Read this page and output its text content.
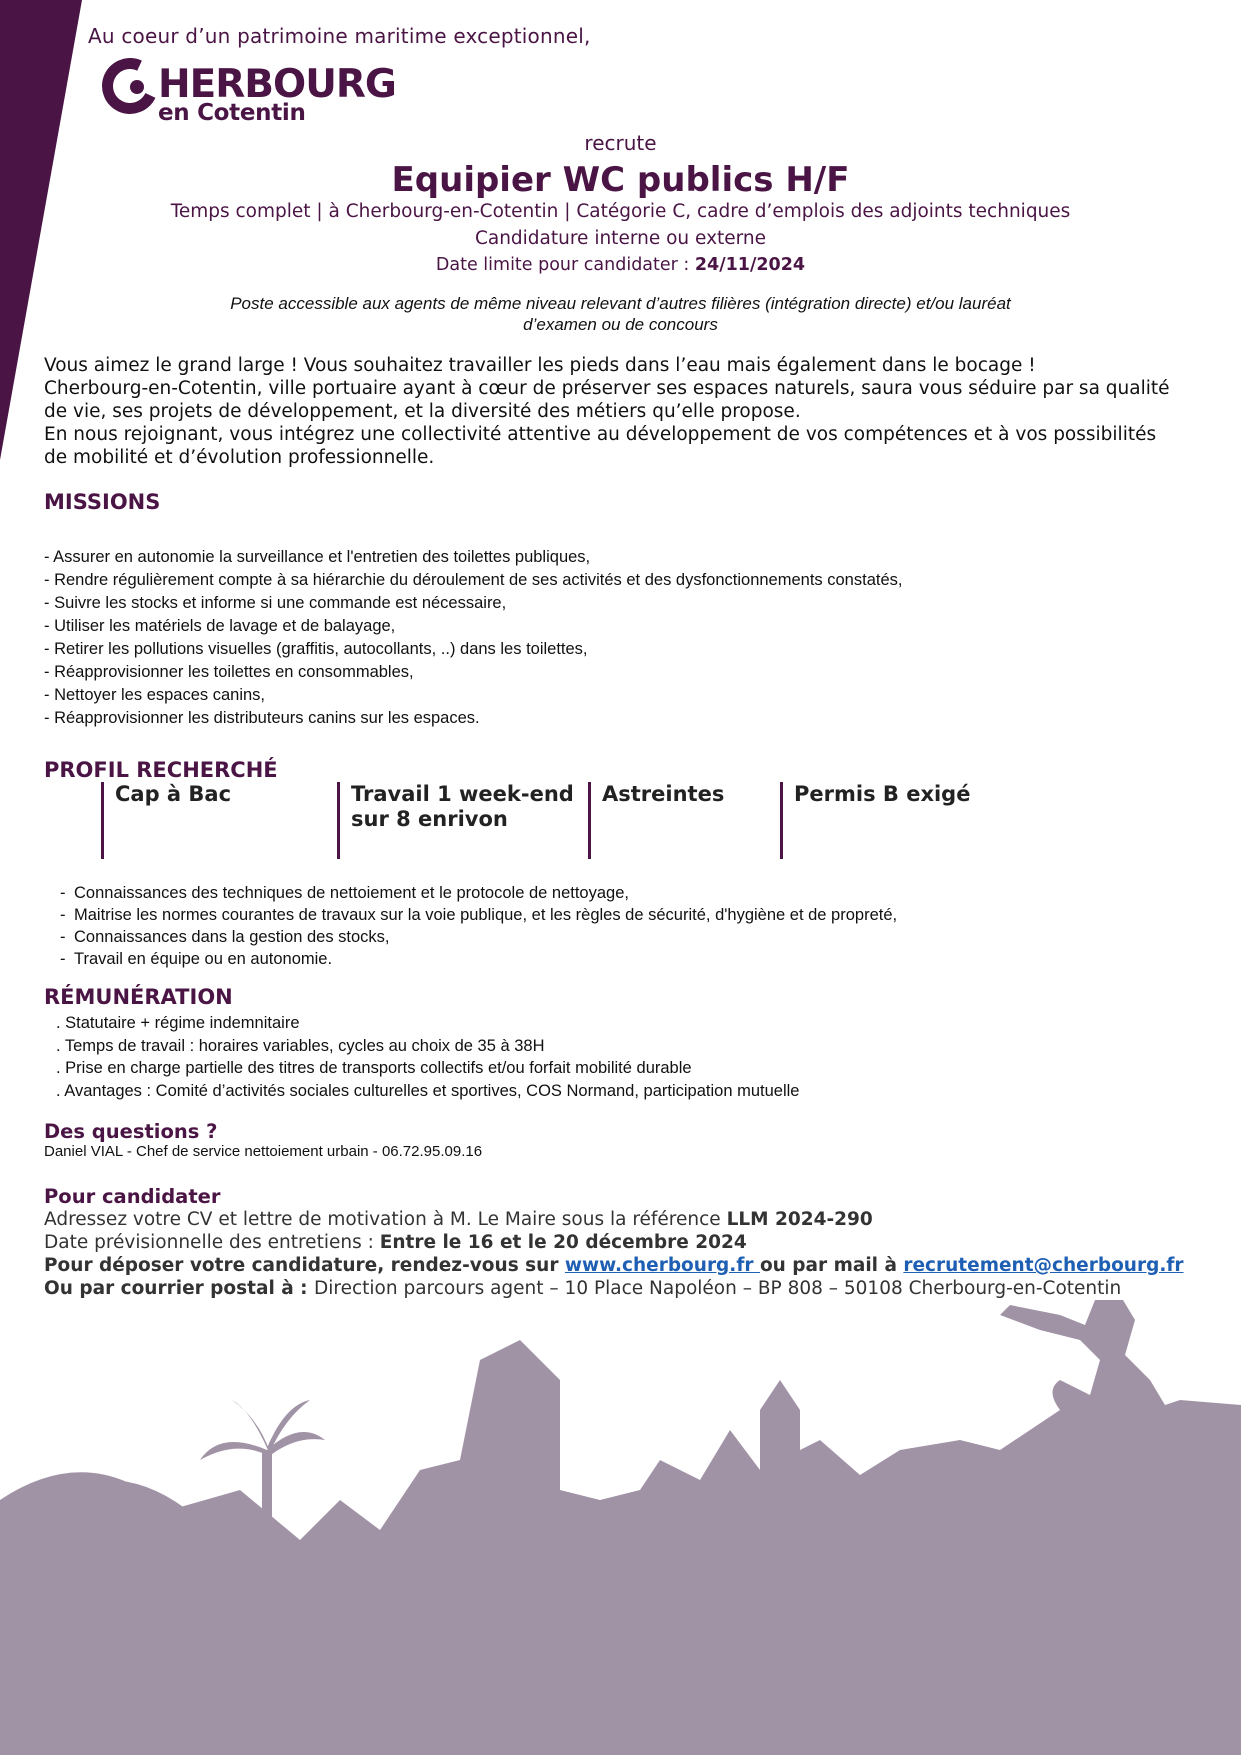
Au coeur d’un patrimoine maritime exceptionnel,
HERBOURG
en Cotentin
recrute
Equipier WC publics H/F
Temps complet | à Cherbourg-en-Cotentin | Catégorie C, cadre d’emplois des adjoints techniques
Candidature interne ou externe
Date limite pour candidater : 24/11/2024
Poste accessible aux agents de même niveau relevant d’autres filières (intégration directe) et/ou lauréat
d’examen ou de concours
Vous aimez le grand large ! Vous souhaitez travailler les pieds dans l’eau mais également dans le bocage !
Cherbourg-en-Cotentin, ville portuaire ayant à cœur de préserver ses espaces naturels, saura vous séduire par sa qualité
de vie, ses projets de développement, et la diversité des métiers qu’elle propose.
En nous rejoignant, vous intégrez une collectivité attentive au développement de vos compétences et à vos possibilités
de mobilité et d’évolution professionnelle.
MISSIONS
- Assurer en autonomie la surveillance et l'entretien des toilettes publiques,
- Rendre régulièrement compte à sa hiérarchie du déroulement de ses activités et des dysfonctionnements constatés,
- Suivre les stocks et informe si une commande est nécessaire,
- Utiliser les matériels de lavage et de balayage,
- Retirer les pollutions visuelles (graffitis, autocollants, ..) dans les toilettes,
- Réapprovisionner les toilettes en consommables,
- Nettoyer les espaces canins,
- Réapprovisionner les distributeurs canins sur les espaces.
PROFIL RECHERCHÉ
Cap à Bac	Travail 1 week-end
sur 8 enrivon
Astreintes	Permis B exigé
- Connaissances des techniques de nettoiement et le protocole de nettoyage,
- Maitrise les normes courantes de travaux sur la voie publique, et les règles de sécurité, d'hygiène et de propreté,
- Connaissances dans la gestion des stocks,
- Travail en équipe ou en autonomie.
RÉMUNÉRATION
. Statutaire + régime indemnitaire
. Temps de travail : horaires variables, cycles au choix de 35 à 38H
. Prise en charge partielle des titres de transports collectifs et/ou forfait mobilité durable
. Avantages : Comité d’activités sociales culturelles et sportives, COS Normand, participation mutuelle
Des questions ?
Daniel VIAL - Chef de service nettoiement urbain - 06.72.95.09.16
Pour candidater
Adressez votre CV et lettre de motivation à M. Le Maire sous la référence LLM 2024-290
Date prévisionnelle des entretiens : Entre le 16 et le 20 décembre 2024
Pour déposer votre candidature, rendez-vous sur www.cherbourg.fr ou par mail à recrutement@cherbourg.fr
Ou par courrier postal à : Direction parcours agent – 10 Place Napoléon – BP 808 – 50108 Cherbourg-en-Cotentin
